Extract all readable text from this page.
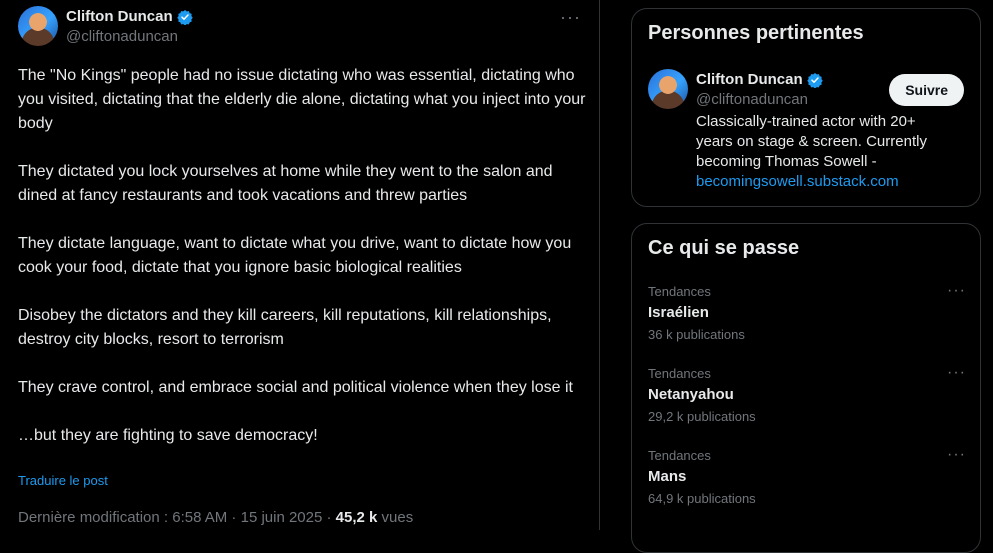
Clifton Duncan
@cliftonaduncan
···

The "No Kings" people had no issue dictating who was essential, dictating who you visited, dictating that the elderly die alone, dictating what you inject into your body

They dictated you lock yourselves at home while they went to the salon and dined at fancy restaurants and took vacations and threw parties

They dictate language, want to dictate what you drive, want to dictate how you cook your food, dictate that you ignore basic biological realities

Disobey the dictators and they kill careers, kill reputations, kill relationships, destroy city blocks, resort to terrorism

They crave control, and embrace social and political violence when they lose it

…but they are fighting to save democracy!

Traduire le post
Dernière modification : 6:58 AM · 15 juin 2025 · 45,2 k vues
Personnes pertinentes
Clifton Duncan
@cliftonaduncan
Classically-trained actor with 20+ years on stage & screen. Currently becoming Thomas Sowell - becomingsowell.substack.com
Suivre
Ce qui se passe
Tendances
Israélien
36 k publications
···
Tendances
Netanyahou
29,2 k publications
···
Tendances
Mans
64,9 k publications
···
